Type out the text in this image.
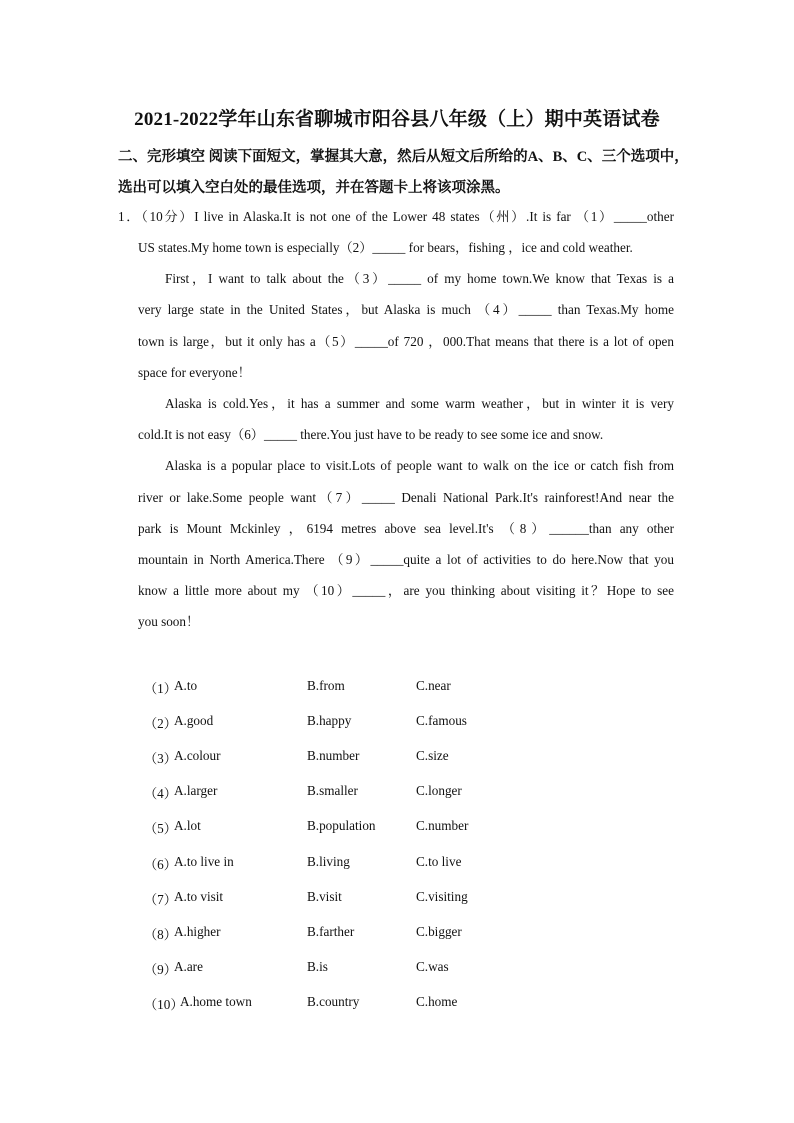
2021-2022学年山东省聊城市阳谷县八年级（上）期中英语试卷
二、完形填空 阅读下面短文，掌握其大意，然后从短文后所给的A、B、C、三个选项中，
选出可以填入空白处的最佳选项，并在答题卡上将该项涂黑。
1．（10分）I live in Alaska.It is not one of the Lower 48 states（州）.It is far （1）_____other
US states.My home town is especially（2）_____ for bears，fishing ，ice and cold weather.
First，I want to talk about the（3）_____ of my home town.We know that Texas is a
very large state in the United States，but Alaska is much （4）_____ than Texas.My home
town is large，but it only has a（5）_____of 720 ，000.That means that there is a lot of open
space for everyone！
Alaska is cold.Yes，it has a summer and some warm weather，but in winter it is very
cold.It is not easy（6）_____ there.You just have to be ready to see some ice and snow.
Alaska is a popular place to visit.Lots of people want to walk on the ice or catch fish from
river or lake.Some people want（7）_____ Denali National Park.It's rainforest!And near the
park is Mount Mckinley ，6194 metres above sea level.It's （8）______than any other
mountain in North America.There （9）_____quite a lot of activities to do here.Now that you
know a little more about my （10）_____，are you thinking about visiting it？Hope to see
you soon！
（1）
A.to	B.from	C.near
（2）
A.good	B.happy	C.famous
（3）
A.colour	B.number	C.size
（4）
A.larger	B.smaller	C.longer
（5）
A.lot	B.population	C.number
（6）
A.to live in	B.living	C.to live
（7）
A.to visit	B.visit	C.visiting
（8）
A.higher	B.farther	C.bigger
（9）
A.are	B.is	C.was
（10）
A.home town	B.country	C.home
